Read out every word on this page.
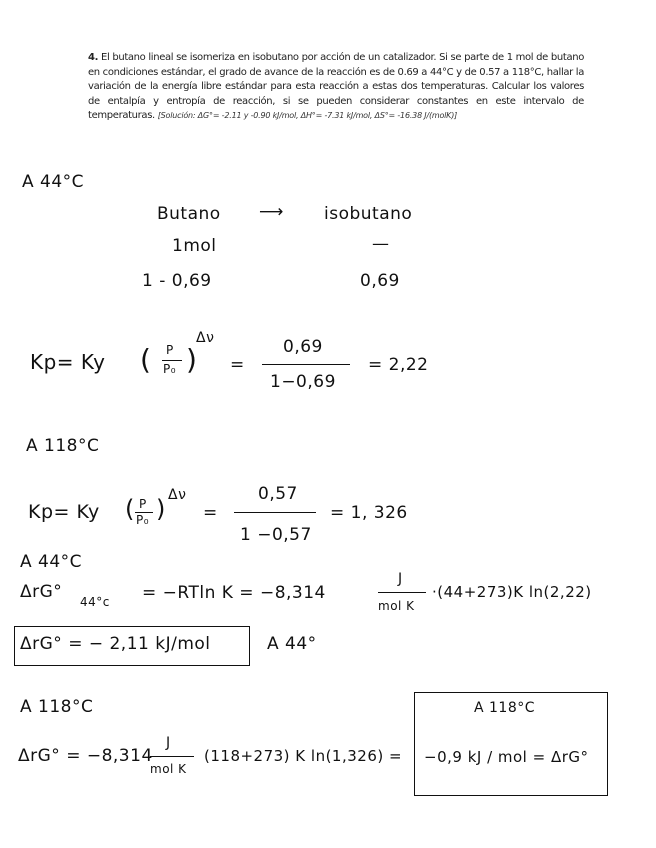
4. El butano lineal se isomeriza en isobutano por acción de un catalizador. Si se parte de 1 mol de butano en condiciones estándar, el grado de avance de la reacción es de 0.69 a 44°C y de 0.57 a 118°C, hallar la variación de la energía libre estándar para esta reacción a estas dos temperaturas. Calcular los valores de entalpía y entropía de reacción, si se pueden considerar constantes en este intervalo de temperaturas. [Solución: ΔG°= -2.11 y -0.90 kJ/mol, ΔH°= -7.31 kJ/mol, ΔS°= -16.38 J/(molK)]
A 44°C
Butano ⟶ isobutano
1mol	—
1 - 0,69	0,69
Kp= Ky ( P
P₀ )
Δν
=
0,69
1−0,69
= 2,22
A 118°C
Kp= Ky ( P
P₀ ) Δν
=
0,57
1 −0,57
= 1, 326
A 44°C
ΔrG° 44°c = −RTln K = −8,314
J
mol K
·(44+273)K ln(2,22)
ΔrG° = − 2,11 kJ/mol	A 44°
A 118°C
ΔrG° = −8,314
J
mol K
(118+273) K ln(1,326) =
A 118°C
−0,9 kJ / mol = ΔrG°
